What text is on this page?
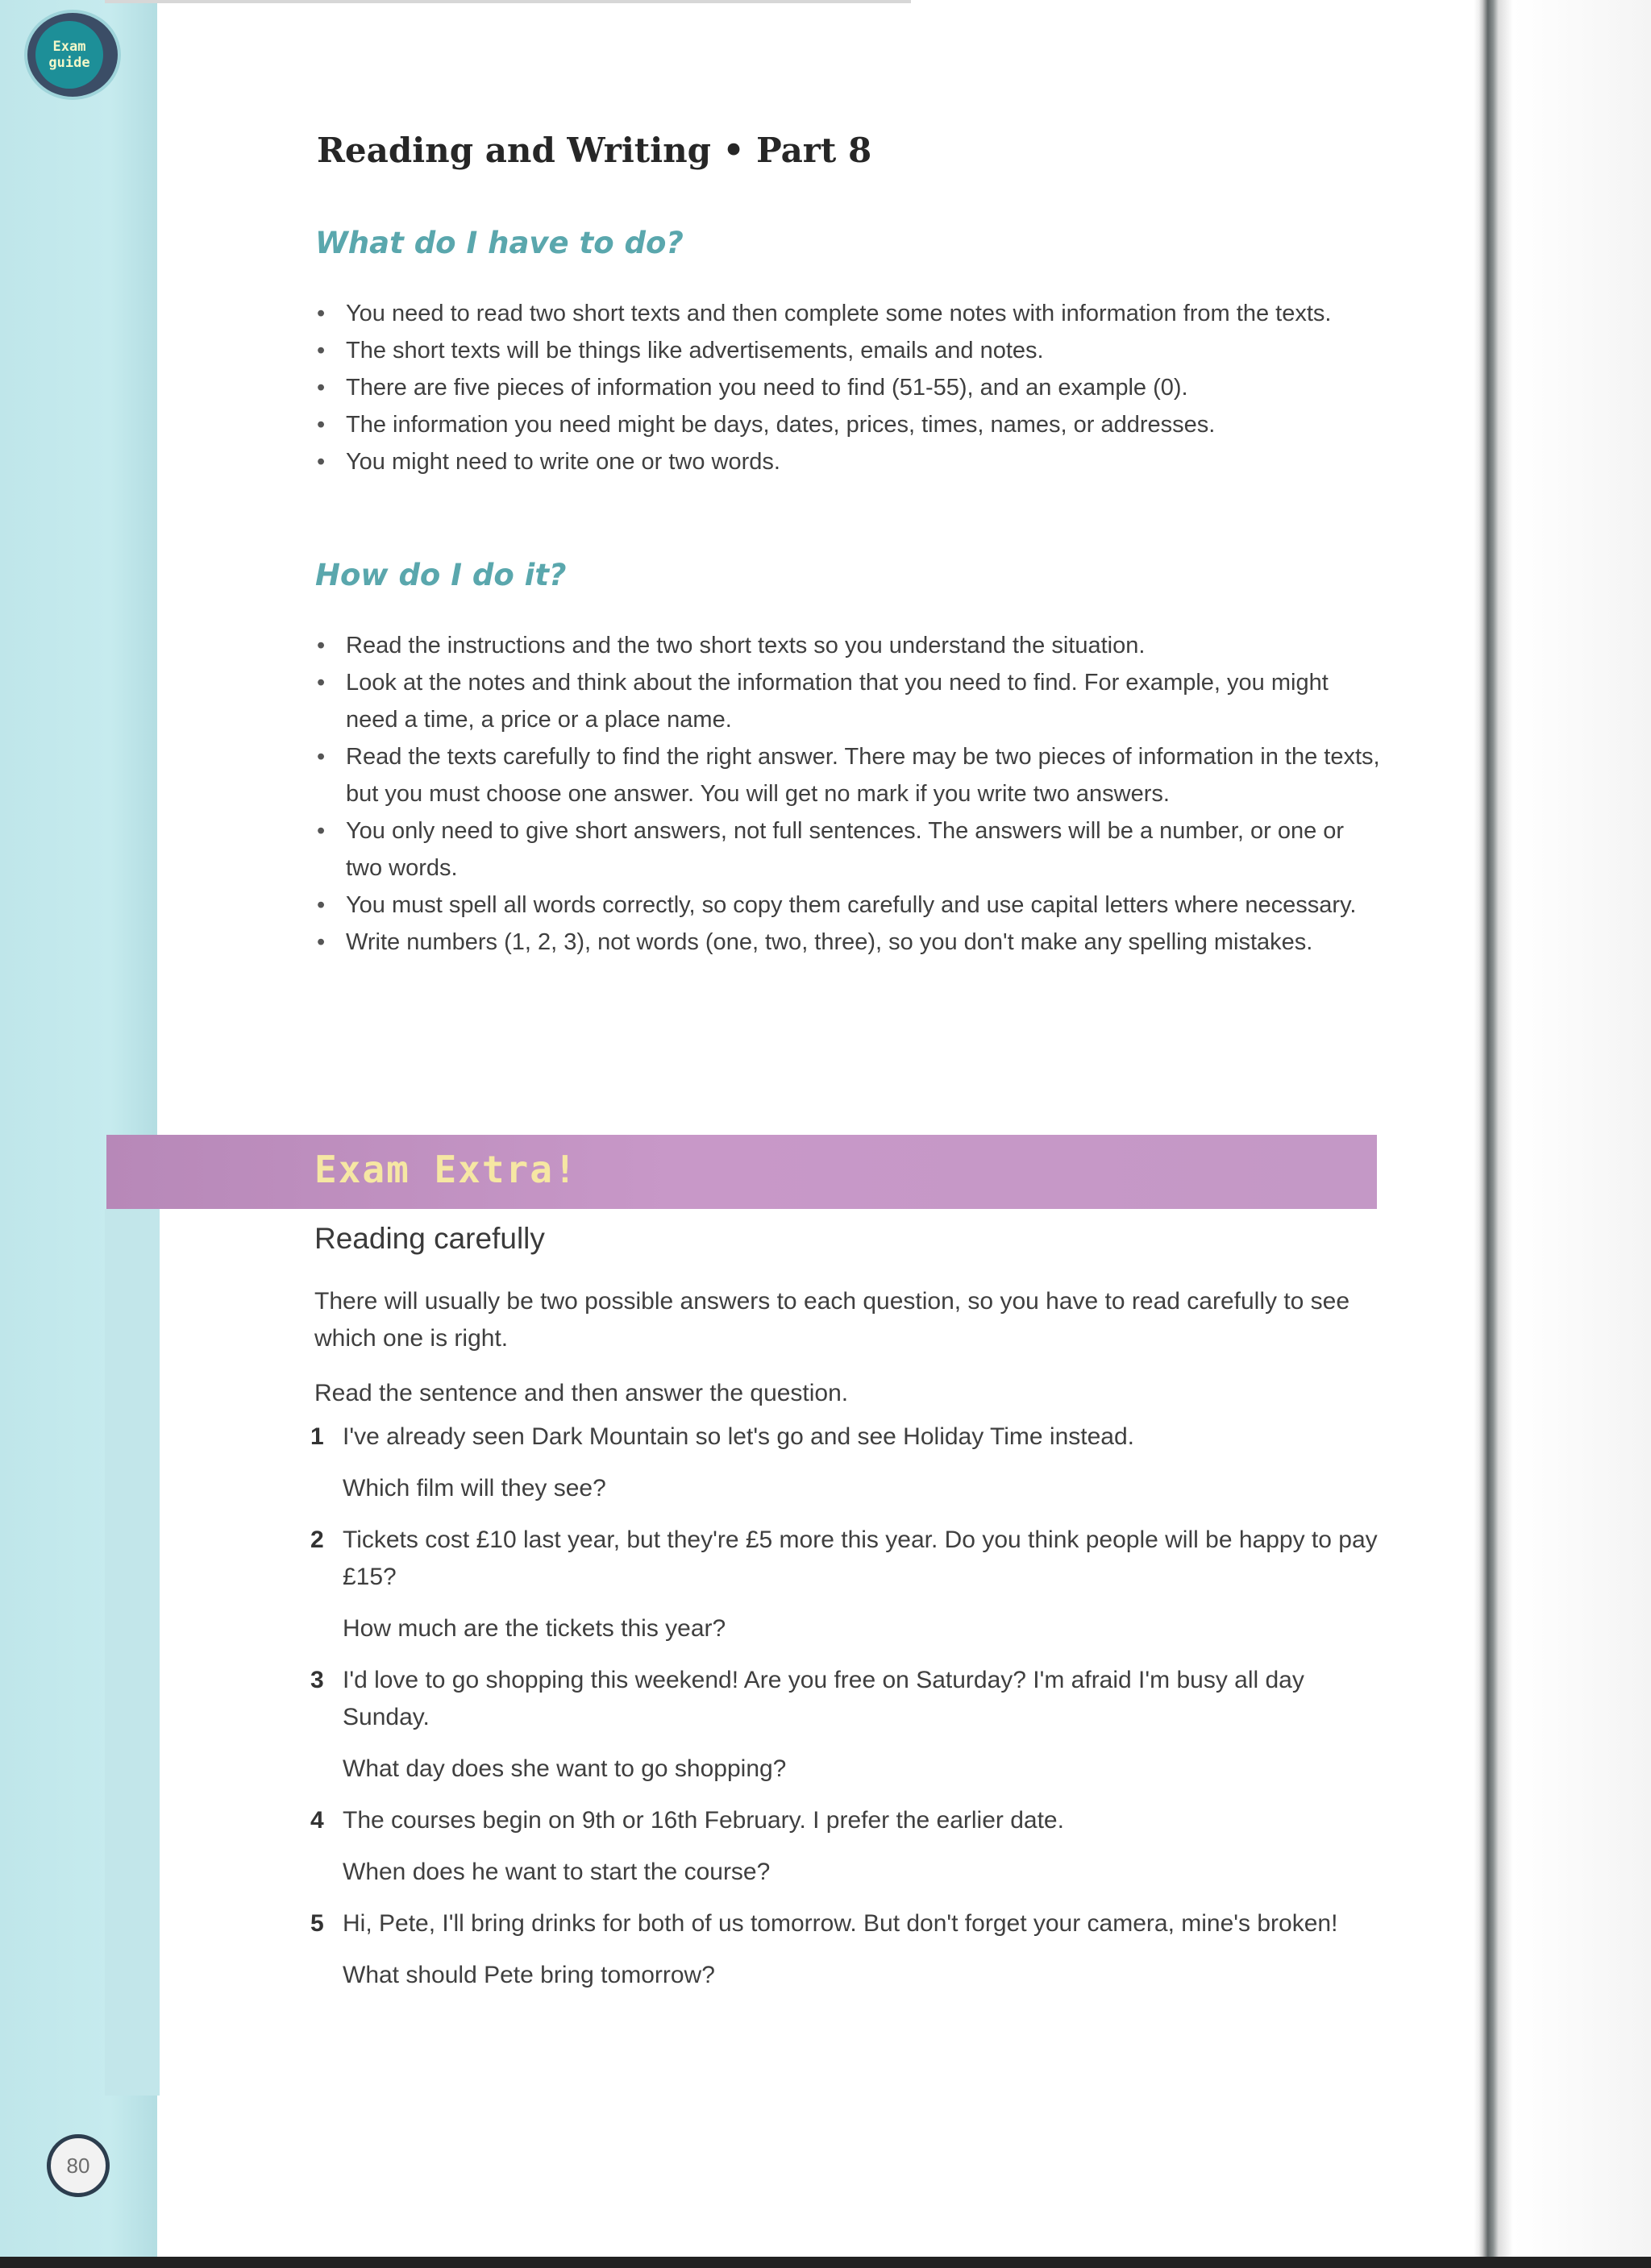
Exam
guide
Reading and Writing • Part 8
What do I have to do?
• You need to read two short texts and then complete some notes with information from the texts.
• The short texts will be things like advertisements, emails and notes.
• There are five pieces of information you need to find (51-55), and an example (0).
• The information you need might be days, dates, prices, times, names, or addresses.
• You might need to write one or two words.
How do I do it?
• Read the instructions and the two short texts so you understand the situation.
• Look at the notes and think about the information that you need to find. For example, you might need a time, a price or a place name.
• Read the texts carefully to find the right answer. There may be two pieces of information in the texts, but you must choose one answer. You will get no mark if you write two answers.
• You only need to give short answers, not full sentences. The answers will be a number, or one or two words.
• You must spell all words correctly, so copy them carefully and use capital letters where necessary.
• Write numbers (1, 2, 3), not words (one, two, three), so you don't make any spelling mistakes.
Exam Extra!
Reading carefully

There will usually be two possible answers to each question, so you have to read carefully to see which one is right.

Read the sentence and then answer the question.

1 I've already seen Dark Mountain so let's go and see Holiday Time instead.

Which film will they see?

2 Tickets cost £10 last year, but they're £5 more this year. Do you think people will be happy to pay £15?

How much are the tickets this year?

3 I'd love to go shopping this weekend! Are you free on Saturday? I'm afraid I'm busy all day Sunday.

What day does she want to go shopping?

4 The courses begin on 9th or 16th February. I prefer the earlier date.

When does he want to start the course?

5 Hi, Pete, I'll bring drinks for both of us tomorrow. But don't forget your camera, mine's broken!

What should Pete bring tomorrow?

80
